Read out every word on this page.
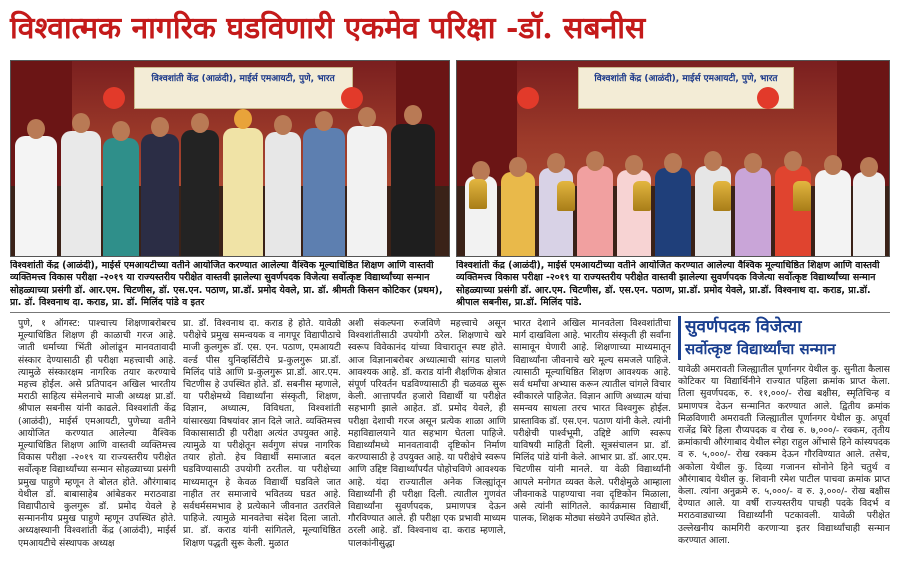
विश्वात्मक नागरिक घडविणारी एकमेव परिक्षा -डॉ. सबनीस
विश्वशांती केंद्र (आळंदी), माईर्स एमआयटी, पुणे, भारत	विश्वशांती केंद्र (आळंदी), माईर्स एमआयटी, पुणे, भारत
विश्वशांती केंद्र (आळंदी), माईर्स एमआयटीच्या वतीने आयोजित करण्यात आलेल्या वैश्विक मूल्याधिष्ठित शिक्षण आणि वास्तवी व्यक्तिमत्त्व विकास परीक्षा -२०१९ या राज्यस्तरीय परीक्षेत वास्तवी झालेल्या सुवर्णपदक विजेत्या सर्वोत्कृष्ट विद्यार्थ्यांच्या सन्मान सोहळ्याच्या प्रसंगी डॉ. आर.एम. चिटणीस, डॉ. एस.एन. पठाण, प्रा.डॉ. प्रमोद येवले, प्रा. डॉ. श्रीमती किसन कोटिकर (प्रथम), प्रा. डॉ. विश्वनाथ दा. कराड, प्रा. डॉ. मिलिंद पांडे व इतर
विश्वशांती केंद्र (आळंदी), माईर्स एमआयटीच्या वतीने आयोजित करण्यात आलेल्या वैश्विक मूल्याधिष्ठित शिक्षण आणि वास्तवी व्यक्तिमत्त्व विकास परीक्षा -२०१९ या राज्यस्तरीय परीक्षेत वास्तवी झालेल्या सुवर्णपदक विजेत्या सर्वोत्कृष्ट विद्यार्थ्यांच्या सन्मान सोहळ्याच्या प्रसंगी डॉ. आर.एम. चिटणीस, डॉ. एस.एन. पठाण, प्रा.डॉ. प्रमोद येवले, प्रा.डॉ. विश्वनाथ दा. कराड, प्रा.डॉ. श्रीपाल सबनीस, प्रा.डॉ. मिलिंद पांडे.

पुणे, १ ऑगस्ट: पाश्चात्त्य शिक्षणाबरोबरच मूल्याधिष्ठित शिक्षण ही काळाची गरज आहे. जाती धर्माच्या भिंती ओलांडून मानवतावादी संस्कार देण्यासाठी ही परीक्षा महत्त्वाची आहे. त्यामुळे संस्कारक्षम नागरिक तयार करण्याचे महत्त्व होईल. असे प्रतिपादन अखिल भारतीय मराठी साहित्य संमेलनाचे माजी अध्यक्ष प्रा.डॉ. श्रीपाल सबनीस यांनी काढले. विश्वशांती केंद्र (आळंदी), माईर्स एमआयटी, पुणेच्या वतीने आयोजित करण्यात आलेल्या वैश्विक मूल्याधिष्ठित शिक्षण आणि वास्तवी व्यक्तिमत्त्व विकास परीक्षा -२०१९ या राज्यस्तरीय परीक्षेत सर्वोत्कृष्ट विद्यार्थ्यांच्या सन्मान सोहळ्याच्या प्रसंगी प्रमुख पाहुणे म्हणून ते बोलत होते. औरंगाबाद येथील डॉ. बाबासाहेब आंबेडकर मराठवाडा विद्यापीठाचे कुलगुरू डॉ. प्रमोद येवले हे सन्माननीय प्रमुख पाहुणे म्हणून उपस्थित होते. अध्यक्षस्थानी विश्वशांती केंद्र (आळंदी), माईर्स एमआयटीचे संस्थापक अध्यक्ष

प्रा. डॉ. विश्वनाथ दा. कराड हे होते. यावेळी परीक्षेचे प्रमुख समन्वयक व नागपूर विद्यापीठाचे माजी कुलगुरू डॉ. एस. एन. पठाण, एमआयटी वर्ल्ड पीस युनिव्हर्सिटीचे प्र-कुलगुरू प्रा.डॉ. मिलिंद पांडे आणि प्र-कुलगुरू प्रा.डॉ. आर.एम. चिटणीस हे उपस्थित होते. डॉ. सबनीस म्हणाले, या परीक्षेमध्ये विद्यार्थ्यांना संस्कृती, शिक्षण, विज्ञान, अध्यात्म, विविधता, विश्वशांती यांसारख्या विषयांवर ज्ञान दिले जाते. व्यक्तिमत्त्व विकासासाठी ही परीक्षा अत्यंत उपयुक्त आहे. त्यामुळे या परीक्षेतून सर्वगुण संपन्न नागरिक तयार होतो. हेच विद्यार्थी समाजात बदल घडविण्यासाठी उपयोगी ठरतील. या परीक्षेच्या माध्यमातून हे केवळ विद्यार्थी घडविले जात नाहीत तर समाजाचे भवितव्य घडत आहे. सर्वधर्मसमभाव हे प्रत्येकाने जीवनात उतरविले पाहिजे. त्यामुळे मानवतेचा संदेश दिला जातो. प्रा. डॉ. कराड यांनी सांगितले, मूल्याधिष्ठित शिक्षण पद्धती सुरू केली. मुळात

अशी संकल्पना रुजविणे महत्त्वाचे असून विश्वशांतीसाठी उपयोगी ठरेल. शिक्षणाचे खरे स्वरूप विवेकानंद यांच्या विचारातून स्पष्ट होते. आज विज्ञानाबरोबर अध्यात्माची सांगड घालणे आवश्यक आहे. डॉ. कराड यांनी शैक्षणिक क्षेत्रात संपूर्ण परिवर्तन घडविण्यासाठी ही चळवळ सुरू केली. आत्तापर्यंत हजारो विद्यार्थी या परीक्षेत सहभागी झाले आहेत. डॉ. प्रमोद येवले, ही परीक्षा देशाची गरज असून प्रत्येक शाळा आणि महाविद्यालयाने यात सहभाग घेतला पाहिजे. विद्यार्थ्यांमध्ये मानवतावादी दृष्टिकोन निर्माण करण्यासाठी हे उपयुक्त आहे. या परीक्षेचे स्वरूप आणि उद्दिष्ट विद्यार्थ्यांपर्यंत पोहोचविणे आवश्यक आहे. यंदा राज्यातील अनेक जिल्ह्यांतून विद्यार्थ्यांनी ही परीक्षा दिली. त्यातील गुणवंत विद्यार्थ्यांना सुवर्णपदक, प्रमाणपत्र देऊन गौरविण्यात आले. ही परीक्षा एक प्रभावी माध्यम ठरली आहे. डॉ. विश्वनाथ दा. कराड म्हणाले, पालकांनीसुद्धा

भारत देशाने अखिल मानवतेला विश्वशांतीचा मार्ग दाखविला आहे. भारतीय संस्कृती ही सर्वांना सामावून घेणारी आहे. शिक्षणाच्या माध्यमातून विद्यार्थ्यांना जीवनाचे खरे मूल्य समजले पाहिजे. त्यासाठी मूल्याधिष्ठित शिक्षण आवश्यक आहे. सर्व धर्मांचा अभ्यास करून त्यातील चांगले विचार स्वीकारले पाहिजेत. विज्ञान आणि अध्यात्म यांचा समन्वय साधला तरच भारत विश्वगुरू होईल. प्रास्ताविक डॉ. एस.एन. पठाण यांनी केले. त्यांनी परीक्षेची पार्श्वभूमी, उद्दिष्टे आणि स्वरूप याविषयी माहिती दिली. सूत्रसंचालन प्रा. डॉ. मिलिंद पांडे यांनी केले. आभार प्रा. डॉ. आर.एम. चिटणीस यांनी मानले. या वेळी विद्यार्थ्यांनी आपले मनोगत व्यक्त केले. परीक्षेमुळे आम्हाला जीवनाकडे पाहण्याचा नवा दृष्टिकोन मिळाला, असे त्यांनी सांगितले. कार्यक्रमास विद्यार्थी, पालक, शिक्षक मोठ्या संख्येने उपस्थित होते.

सुवर्णपदक विजेत्या
सर्वोत्कृष्ट विद्यार्थ्यांचा सन्मान
यावेळी अमरावती जिल्ह्यातील पूर्णानगर येथील कु. सुनीता कैलास कोटिकर या विद्यार्थिनीने राज्यात पहिला क्रमांक प्राप्त केला. तिला सुवर्णपदक, रु. ११,०००/- रोख बक्षीस, स्मृतिचिन्ह व प्रमाणपत्र देऊन सन्मानित करण्यात आले. द्वितीय क्रमांक मिळविणारी अमरावती जिल्ह्यातील पूर्णानगर येथील कु. अपूर्वा राजेंद्र बिरे हिला रौप्यपदक व रोख रु. ७,०००/- रक्कम, तृतीय क्रमांकाची औरंगाबाद येथील स्नेहा राहुल ओंभासे हिने कांस्यपदक व रु. ५,०००/- रोख रक्कम देऊन गौरविण्यात आले. तसेच, अकोला येथील कु. दिव्या गजानन सोनोने हिने चतुर्थ व औरंगाबाद येथील कु. शिवानी रमेश पाटील पाचवा क्रमांक प्राप्त केला. त्यांना अनुक्रमे रु. ५,०००/- व रु. ३,०००/- रोख बक्षीस देण्यात आले. या वर्षी राज्यस्तरीय पाचही पदके विदर्भ व मराठवाड्याच्या विद्यार्थ्यांनी पटकावली. यावेळी परीक्षेत उल्लेखनीय कामगिरी करणाऱ्या इतर विद्यार्थ्यांचाही सन्मान करण्यात आला.
